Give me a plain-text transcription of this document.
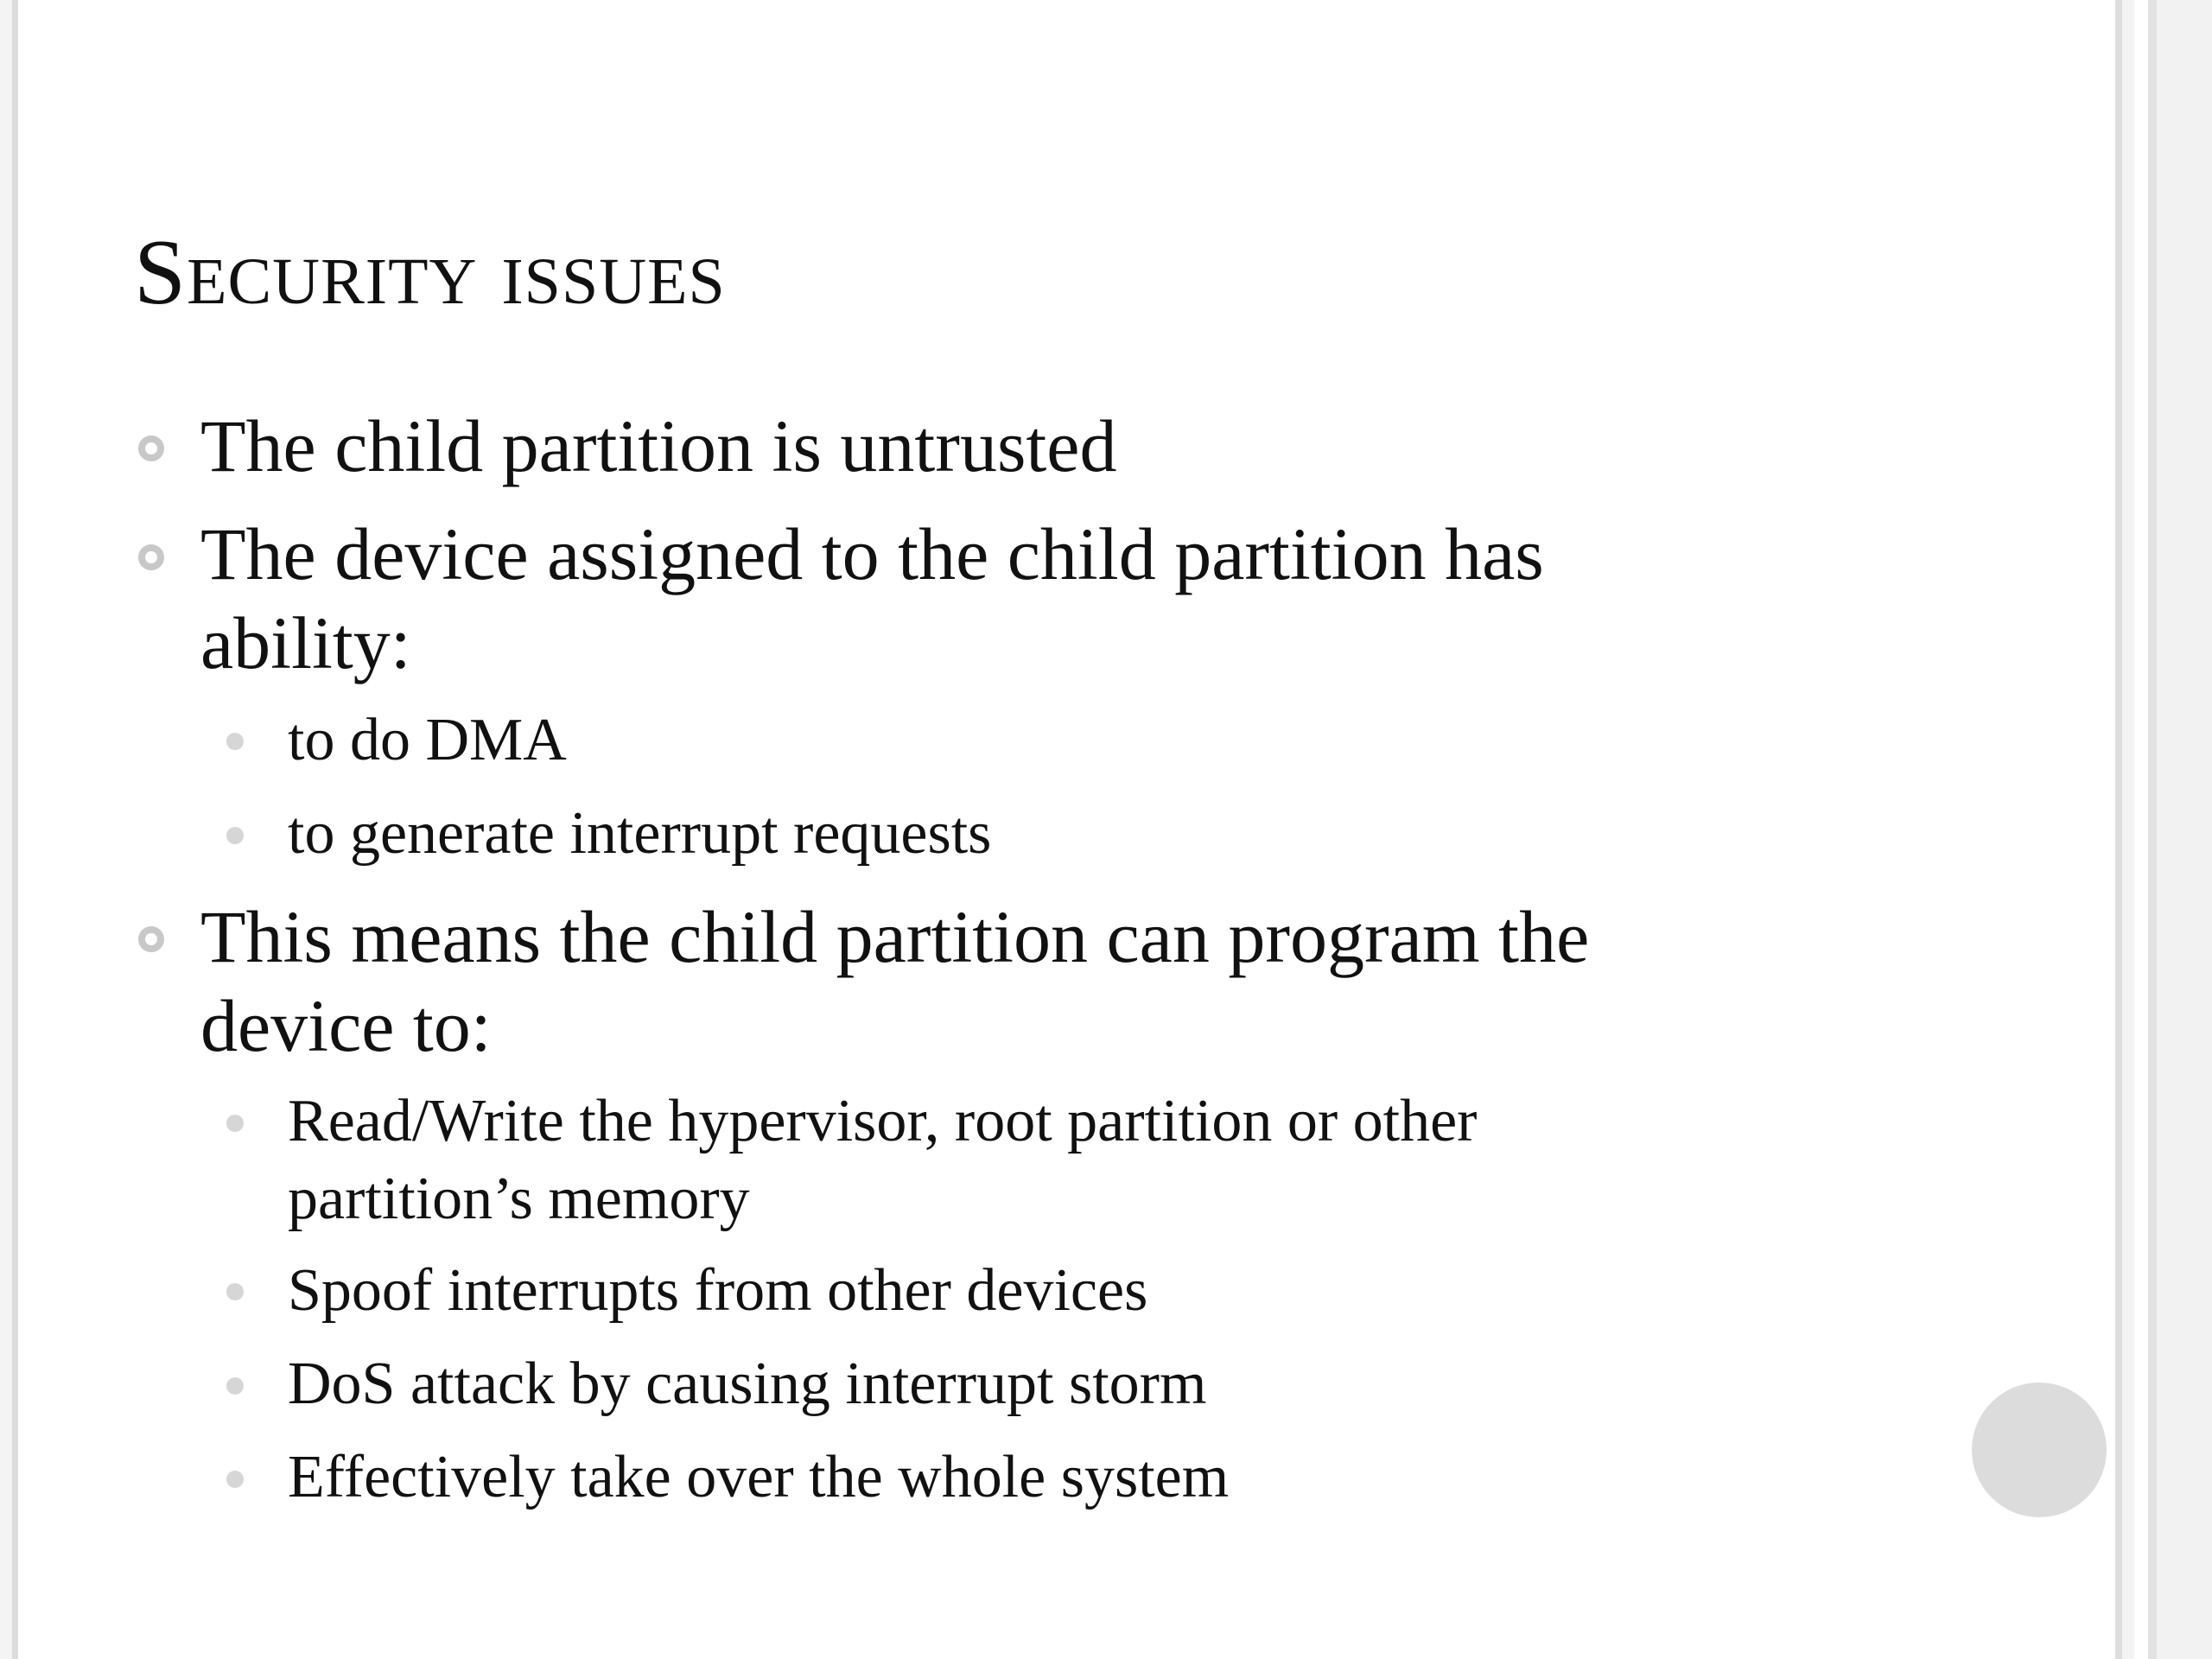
Security issues
The child partition is untrusted
The device assigned to the child partition has
ability:
to do DMA
to generate interrupt requests
This means the child partition can program the
device to:
Read/Write the hypervisor, root partition or other
partition’s memory
Spoof interrupts from other devices
DoS attack by causing interrupt storm
Effectively take over the whole system
